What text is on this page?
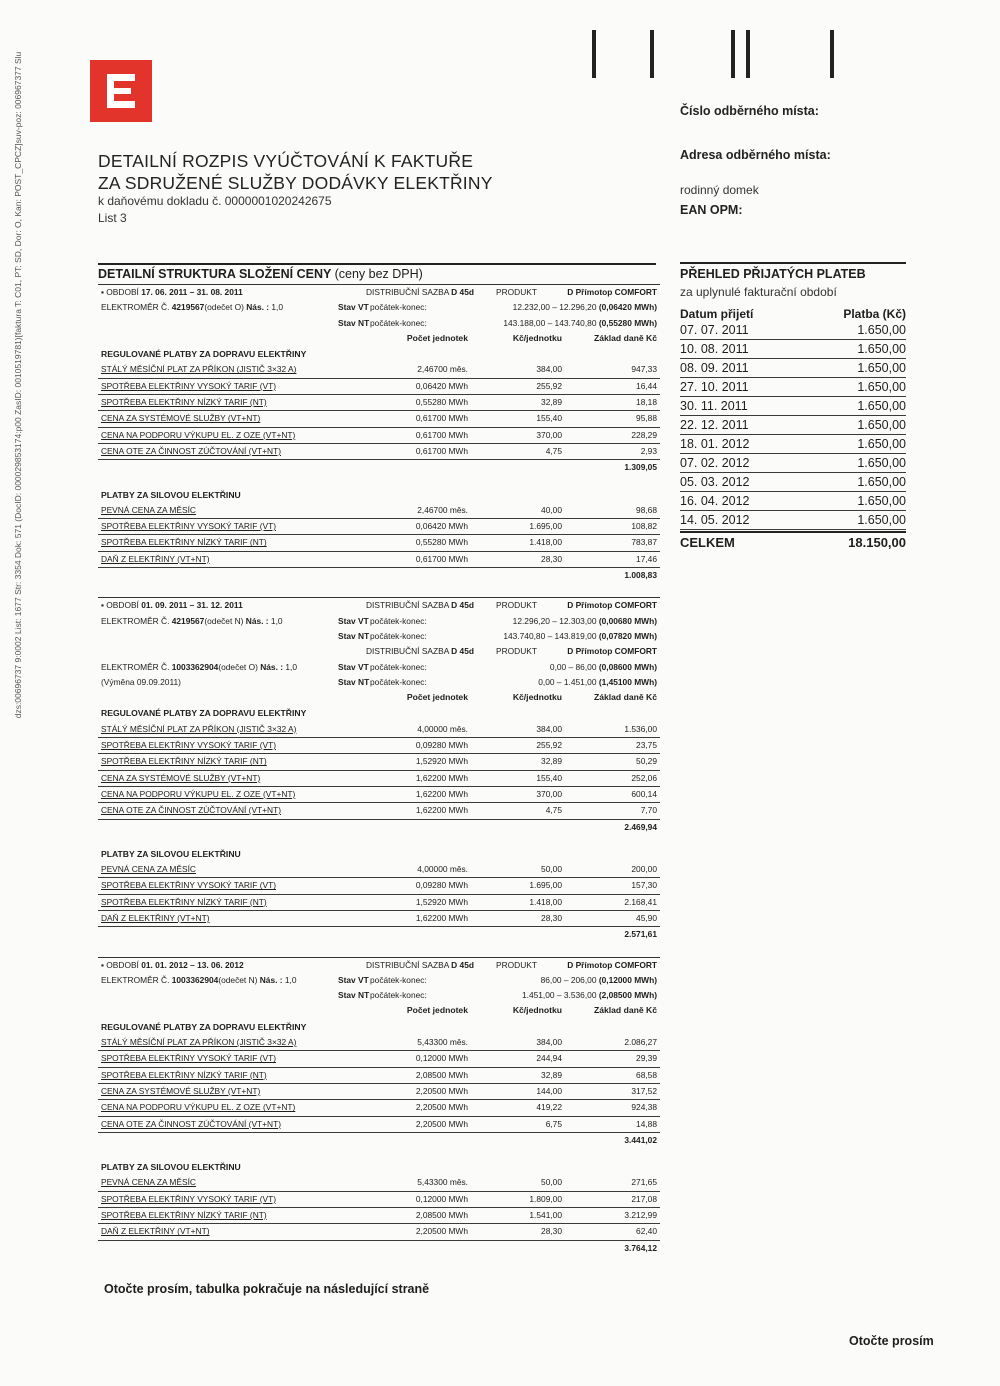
dzs:00696737 9:0002 List: 1677 Str: 3354 Dok: 571 (DocID: 000029853174:p00 ZasID: 0010519781)[faktura T: C01, PT: SD, Dor: O, Kan: POST_CPCZ]suv-poz: 006967377 Slu	Číslo odběrného místa:
Adresa odběrného místa:
rodinný domek
EAN OPM:
DETAILNÍ ROZPIS VYÚČTOVÁNÍ K FAKTUŘE
ZA SDRUŽENÉ SLUŽBY DODÁVKY ELEKTŘINY
k daňovému dokladu č. 0000001020242675
List 3
DETAILNÍ STRUKTURA SLOŽENÍ CENY (ceny bez DPH)
▪ OBDOBÍ 17. 06. 2011 – 31. 08. 2011	DISTRIBUČNÍ SAZBA D 45d	PRODUKT	D Přímotop COMFORT
ELEKTROMĚR Č. 4219567(odečet O) Nás. : 1,0	Stav VT počátek-konec:	12.232,00 – 12.296,20 (0,06420 MWh)
Stav NT počátek-konec:	143.188,00 – 143.740,80 (0,55280 MWh)
Počet jednotek	Kč/jednotku	Základ daně Kč
REGULOVANÉ PLATBY ZA DOPRAVU ELEKTŘINY
STÁLÝ MĚSÍČNÍ PLAT ZA PŘÍKON (JISTIČ 3×32 A)	2,46700 měs.	384,00	947,33
SPOTŘEBA ELEKTŘINY VYSOKÝ TARIF (VT)	0,06420 MWh	255,92	16,44
SPOTŘEBA ELEKTŘINY NÍZKÝ TARIF (NT)	0,55280 MWh	32,89	18,18
CENA ZA SYSTÉMOVÉ SLUŽBY (VT+NT)	0,61700 MWh	155,40	95,88
CENA NA PODPORU VÝKUPU EL. Z OZE (VT+NT)	0,61700 MWh	370,00	228,29
CENA OTE ZA ČINNOST ZÚČTOVÁNÍ (VT+NT)	0,61700 MWh	4,75	2,93
1.309,05
PLATBY ZA SILOVOU ELEKTŘINU
PEVNÁ CENA ZA MĚSÍC	2,46700 měs.	40,00	98,68
SPOTŘEBA ELEKTŘINY VYSOKÝ TARIF (VT)	0,06420 MWh	1.695,00	108,82
SPOTŘEBA ELEKTŘINY NÍZKÝ TARIF (NT)	0,55280 MWh	1.418,00	783,87
DAŇ Z ELEKTŘINY (VT+NT)	0,61700 MWh	28,30	17,46
1.008,83
▪ OBDOBÍ 01. 09. 2011 – 31. 12. 2011	DISTRIBUČNÍ SAZBA D 45d	PRODUKT	D Přímotop COMFORT
ELEKTROMĚR Č. 4219567(odečet N) Nás. : 1,0	Stav VT počátek-konec:	12.296,20 – 12.303,00 (0,00680 MWh)
Stav NT počátek-konec:	143.740,80 – 143.819,00 (0,07820 MWh)
DISTRIBUČNÍ SAZBA D 45d	PRODUKT	D Přímotop COMFORT
ELEKTROMĚR Č. 1003362904(odečet O) Nás. : 1,0	Stav VT počátek-konec:	0,00 – 86,00 (0,08600 MWh)
(Výměna 09.09.2011)	Stav NT počátek-konec:	0,00 – 1.451,00 (1,45100 MWh)
Počet jednotek	Kč/jednotku	Základ daně Kč
REGULOVANÉ PLATBY ZA DOPRAVU ELEKTŘINY
STÁLÝ MĚSÍČNÍ PLAT ZA PŘÍKON (JISTIČ 3×32 A)	4,00000 měs.	384,00	1.536,00
SPOTŘEBA ELEKTŘINY VYSOKÝ TARIF (VT)	0,09280 MWh	255,92	23,75
SPOTŘEBA ELEKTŘINY NÍZKÝ TARIF (NT)	1,52920 MWh	32,89	50,29
CENA ZA SYSTÉMOVÉ SLUŽBY (VT+NT)	1,62200 MWh	155,40	252,06
CENA NA PODPORU VÝKUPU EL. Z OZE (VT+NT)	1,62200 MWh	370,00	600,14
CENA OTE ZA ČINNOST ZÚČTOVÁNÍ (VT+NT)	1,62200 MWh	4,75	7,70
2.469,94
PLATBY ZA SILOVOU ELEKTŘINU
PEVNÁ CENA ZA MĚSÍC	4,00000 měs.	50,00	200,00
SPOTŘEBA ELEKTŘINY VYSOKÝ TARIF (VT)	0,09280 MWh	1.695,00	157,30
SPOTŘEBA ELEKTŘINY NÍZKÝ TARIF (NT)	1,52920 MWh	1.418,00	2.168,41
DAŇ Z ELEKTŘINY (VT+NT)	1,62200 MWh	28,30	45,90
2.571,61
▪ OBDOBÍ 01. 01. 2012 – 13. 06. 2012	DISTRIBUČNÍ SAZBA D 45d	PRODUKT	D Přímotop COMFORT
ELEKTROMĚR Č. 1003362904(odečet N) Nás. : 1,0	Stav VT počátek-konec:	86,00 – 206,00 (0,12000 MWh)
Stav NT počátek-konec:	1.451,00 – 3.536,00 (2,08500 MWh)
Počet jednotek	Kč/jednotku	Základ daně Kč
REGULOVANÉ PLATBY ZA DOPRAVU ELEKTŘINY
STÁLÝ MĚSÍČNÍ PLAT ZA PŘÍKON (JISTIČ 3×32 A)	5,43300 měs.	384,00	2.086,27
SPOTŘEBA ELEKTŘINY VYSOKÝ TARIF (VT)	0,12000 MWh	244,94	29,39
SPOTŘEBA ELEKTŘINY NÍZKÝ TARIF (NT)	2,08500 MWh	32,89	68,58
CENA ZA SYSTÉMOVÉ SLUŽBY (VT+NT)	2,20500 MWh	144,00	317,52
CENA NA PODPORU VÝKUPU EL. Z OZE (VT+NT)	2,20500 MWh	419,22	924,38
CENA OTE ZA ČINNOST ZÚČTOVÁNÍ (VT+NT)	2,20500 MWh	6,75	14,88
3.441,02
PLATBY ZA SILOVOU ELEKTŘINU
PEVNÁ CENA ZA MĚSÍC	5,43300 měs.	50,00	271,65
SPOTŘEBA ELEKTŘINY VYSOKÝ TARIF (VT)	0,12000 MWh	1.809,00	217,08
SPOTŘEBA ELEKTŘINY NÍZKÝ TARIF (NT)	2,08500 MWh	1.541,00	3.212,99
DAŇ Z ELEKTŘINY (VT+NT)	2,20500 MWh	28,30	62,40
3.764,12
PŘEHLED PŘIJATÝCH PLATEB
za uplynulé fakturační období
Datum přijetí	Platba (Kč)
07. 07. 2011	1.650,00
10. 08. 2011	1.650,00
08. 09. 2011	1.650,00
27. 10. 2011	1.650,00
30. 11. 2011	1.650,00
22. 12. 2011	1.650,00
18. 01. 2012	1.650,00
07. 02. 2012	1.650,00
05. 03. 2012	1.650,00
16. 04. 2012	1.650,00
14. 05. 2012	1.650,00
CELKEM	18.150,00
Otočte prosím, tabulka pokračuje na následující straně
Otočte prosím
